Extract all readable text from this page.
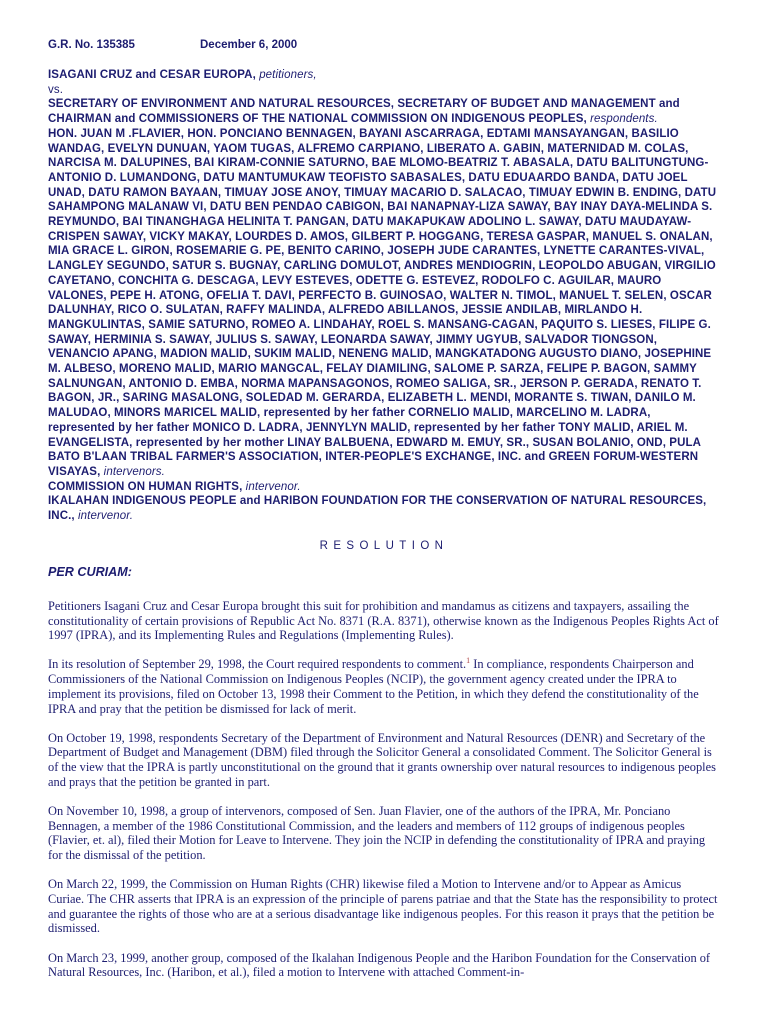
G.R. No. 135385	December 6, 2000

ISAGANI CRUZ and CESAR EUROPA, petitioners,

vs.

SECRETARY OF ENVIRONMENT AND NATURAL RESOURCES, SECRETARY OF BUDGET AND MANAGEMENT and CHAIRMAN and COMMISSIONERS OF THE NATIONAL COMMISSION ON INDIGENOUS PEOPLES, respondents.

HON. JUAN M .FLAVIER, HON. PONCIANO BENNAGEN, BAYANI ASCARRAGA, EDTAMI MANSAYANGAN, BASILIO WANDAG, EVELYN DUNUAN, YAOM TUGAS, ALFREMO CARPIANO, LIBERATO A. GABIN, MATERNIDAD M. COLAS, NARCISA M. DALUPINES, BAI KIRAM-CONNIE SATURNO, BAE MLOMO-BEATRIZ T. ABASALA, DATU BALITUNGTUNG-ANTONIO D. LUMANDONG, DATU MANTUMUKAW TEOFISTO SABASALES, DATU EDUAARDO BANDA, DATU JOEL UNAD, DATU RAMON BAYAAN, TIMUAY JOSE ANOY, TIMUAY MACARIO D. SALACAO, TIMUAY EDWIN B. ENDING, DATU SAHAMPONG MALANAW VI, DATU BEN PENDAO CABIGON, BAI NANAPNAY-LIZA SAWAY, BAY INAY DAYA-MELINDA S. REYMUNDO, BAI TINANGHAGA HELINITA T. PANGAN, DATU MAKAPUKAW ADOLINO L. SAWAY, DATU MAUDAYAW-CRISPEN SAWAY, VICKY MAKAY, LOURDES D. AMOS, GILBERT P. HOGGANG, TERESA GASPAR, MANUEL S. ONALAN, MIA GRACE L. GIRON, ROSEMARIE G. PE, BENITO CARINO, JOSEPH JUDE CARANTES, LYNETTE CARANTES-VIVAL, LANGLEY SEGUNDO, SATUR S. BUGNAY, CARLING DOMULOT, ANDRES MENDIOGRIN, LEOPOLDO ABUGAN, VIRGILIO CAYETANO, CONCHITA G. DESCAGA, LEVY ESTEVES, ODETTE G. ESTEVEZ, RODOLFO C. AGUILAR, MAURO VALONES, PEPE H. ATONG, OFELIA T. DAVI, PERFECTO B. GUINOSAO, WALTER N. TIMOL, MANUEL T. SELEN, OSCAR DALUNHAY, RICO O. SULATAN, RAFFY MALINDA, ALFREDO ABILLANOS, JESSIE ANDILAB, MIRLANDO H. MANGKULINTAS, SAMIE SATURNO, ROMEO A. LINDAHAY, ROEL S. MANSANG-CAGAN, PAQUITO S. LIESES, FILIPE G. SAWAY, HERMINIA S. SAWAY, JULIUS S. SAWAY, LEONARDA SAWAY, JIMMY UGYUB, SALVADOR TIONGSON, VENANCIO APANG, MADION MALID, SUKIM MALID, NENENG MALID, MANGKATADONG AUGUSTO DIANO, JOSEPHINE M. ALBESO, MORENO MALID, MARIO MANGCAL, FELAY DIAMILING, SALOME P. SARZA, FELIPE P. BAGON, SAMMY SALNUNGAN, ANTONIO D. EMBA, NORMA MAPANSAGONOS, ROMEO SALIGA, SR., JERSON P. GERADA, RENATO T. BAGON, JR., SARING MASALONG, SOLEDAD M. GERARDA, ELIZABETH L. MENDI, MORANTE S. TIWAN, DANILO M. MALUDAO, MINORS MARICEL MALID, represented by her father CORNELIO MALID, MARCELINO M. LADRA, represented by her father MONICO D. LADRA, JENNYLYN MALID, represented by her father TONY MALID, ARIEL M. EVANGELISTA, represented by her mother LINAY BALBUENA, EDWARD M. EMUY, SR., SUSAN BOLANIO, OND, PULA BATO B'LAAN TRIBAL FARMER'S ASSOCIATION, INTER-PEOPLE'S EXCHANGE, INC. and GREEN FORUM-WESTERN VISAYAS, intervenors.

COMMISSION ON HUMAN RIGHTS, intervenor.

IKALAHAN INDIGENOUS PEOPLE and HARIBON FOUNDATION FOR THE CONSERVATION OF NATURAL RESOURCES, INC., intervenor.

RESOLUTION
PER CURIAM:

Petitioners Isagani Cruz and Cesar Europa brought this suit for prohibition and mandamus as citizens and taxpayers, assailing the constitutionality of certain provisions of Republic Act No. 8371 (R.A. 8371), otherwise known as the Indigenous Peoples Rights Act of 1997 (IPRA), and its Implementing Rules and Regulations (Implementing Rules).

In its resolution of September 29, 1998, the Court required respondents to comment.$^1$ In compliance, respondents Chairperson and Commissioners of the National Commission on Indigenous Peoples (NCIP), the government agency created under the IPRA to implement its provisions, filed on October 13, 1998 their Comment to the Petition, in which they defend the constitutionality of the IPRA and pray that the petition be dismissed for lack of merit.

On October 19, 1998, respondents Secretary of the Department of Environment and Natural Resources (DENR) and Secretary of the Department of Budget and Management (DBM) filed through the Solicitor General a consolidated Comment. The Solicitor General is of the view that the IPRA is partly unconstitutional on the ground that it grants ownership over natural resources to indigenous peoples and prays that the petition be granted in part.

On November 10, 1998, a group of intervenors, composed of Sen. Juan Flavier, one of the authors of the IPRA, Mr. Ponciano Bennagen, a member of the 1986 Constitutional Commission, and the leaders and members of 112 groups of indigenous peoples (Flavier, et. al), filed their Motion for Leave to Intervene. They join the NCIP in defending the constitutionality of IPRA and praying for the dismissal of the petition.

On March 22, 1999, the Commission on Human Rights (CHR) likewise filed a Motion to Intervene and/or to Appear as Amicus Curiae. The CHR asserts that IPRA is an expression of the principle of parens patriae and that the State has the responsibility to protect and guarantee the rights of those who are at a serious disadvantage like indigenous peoples. For this reason it prays that the petition be dismissed.

On March 23, 1999, another group, composed of the Ikalahan Indigenous People and the Haribon Foundation for the Conservation of Natural Resources, Inc. (Haribon, et al.), filed a motion to Intervene with attached Comment-in-
